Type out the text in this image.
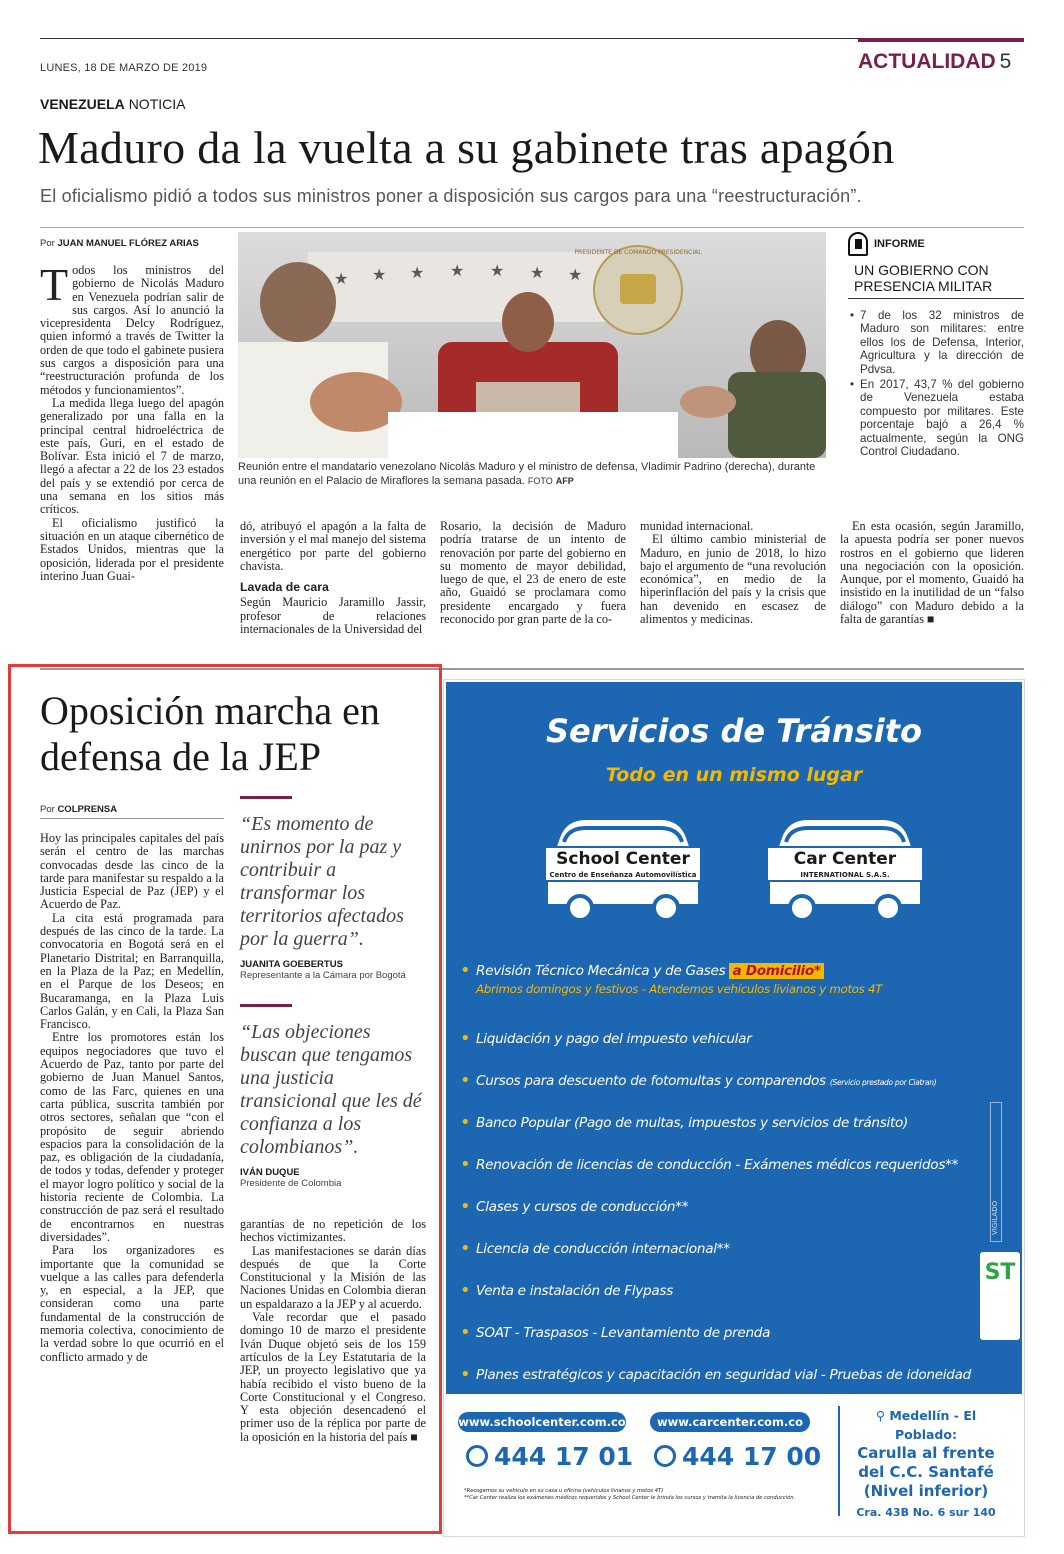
LUNES, 18 DE MARZO DE 2019	ACTUALIDAD 5
VENEZUELA NOTICIA
Maduro da la vuelta a su gabinete tras apagón
El oficialismo pidió a todos sus ministros poner a disposición sus cargos para una “reestructuración”.
Por JUAN MANUEL FLÓREZ ARIAS

Todos los ministros del gobierno de Nicolás Maduro en Venezuela podrían salir de sus cargos. Así lo anunció la vicepresidenta Delcy Rodríguez, quien informó a través de Twitter la orden de que todo el gabinete pusiera sus cargos a disposición para una “reestructuración profunda de los métodos y funcionamientos”.

La medida llega luego del apagón generalizado por una falla en la principal central hidroeléctrica de este país, Guri, en el estado de Bolívar. Esta inició el 7 de marzo, llegó a afectar a 22 de los 23 estados del país y se extendió por cerca de una semana en los sitios más críticos.

El oficialismo justificó la situación en un ataque cibernético de Estados Unidos, mientras que la oposición, liderada por el presidente interino Juan Guai-

★ ★ ★ ★ ★ ★ ★
PRESIDENTE DE COMANDO PRESIDENCIAL
Reunión entre el mandatario venezolano Nicolás Maduro y el ministro de defensa, Vladimir Padrino (derecha), durante una reunión en el Palacio de Miraflores la semana pasada. FOTO AFP

dó, atribuyó el apagón a la falta de inversión y el mal manejo del sistema energético por parte del gobierno chavista.

Lavada de cara

Según Mauricio Jaramillo Jassir, profesor de relaciones internacionales de la Universidad del

Rosario, la decisión de Maduro podría tratarse de un intento de renovación por parte del gobierno en su momento de mayor debilidad, luego de que, el 23 de enero de este año, Guaidó se proclamara como presidente encargado y fuera reconocido por gran parte de la co-

munidad internacional.

El último cambio ministerial de Maduro, en junio de 2018, lo hizo bajo el argumento de “una revolución económica”, en medio de la hiperinflación del país y la crisis que han devenido en escasez de alimentos y medicinas.

En esta ocasión, según Jaramillo, la apuesta podría ser poner nuevos rostros en el gobierno que lideren una negociación con la oposición. Aunque, por el momento, Guaidó ha insistido en la inutilidad de un “falso diálogo” con Maduro debido a la falta de garantías ■

INFORME
UN GOBIERNO CON PRESENCIA MILITAR
• 7 de los 32 ministros de Maduro son militares: entre ellos los de Defensa, Interior, Agricultura y la dirección de Pdvsa.
• En 2017, 43,7 % del gobierno de Venezuela estaba compuesto por militares. Este porcentaje bajó a 26,4 % actualmente, según la ONG Control Ciudadano.
Oposición marcha en defensa de la JEP
Por COLPRENSA

Hoy las principales capitales del país serán el centro de las marchas convocadas desde las cinco de la tarde para manifestar su respaldo a la Justicia Especial de Paz (JEP) y el Acuerdo de Paz.

La cita está programada para después de las cinco de la tarde. La convocatoria en Bogotá será en el Planetario Distrital; en Barranquilla, en la Plaza de la Paz; en Medellín, en el Parque de los Deseos; en Bucaramanga, en la Plaza Luis Carlos Galán, y en Cali, la Plaza San Francisco.

Entre los promotores están los equipos negociadores que tuvo el Acuerdo de Paz, tanto por parte del gobierno de Juan Manuel Santos, como de las Farc, quienes en una carta pública, suscrita también por otros sectores, señalan que “con el propósito de seguir abriendo espacios para la consolidación de la paz, es obligación de la ciudadanía, de todos y todas, defender y proteger el mayor logro político y social de la historia reciente de Colombia. La construcción de paz será el resultado de encontrarnos en nuestras diversidades”.

Para los organizadores es importante que la comunidad se vuelque a las calles para defenderla y, en especial, a la JEP, que consideran como una parte fundamental de la construcción de memoria colectiva, conocimiento de la verdad sobre lo que ocurrió en el conflicto armado y de

“Es momento de unirnos por la paz y contribuir a transformar los territorios afectados por la guerra”.
JUANITA GOEBERTUS
Representante a la Cámara por Bogotá
“Las objeciones buscan que tengamos una justicia transicional que les dé confianza a los colombianos”.
IVÁN DUQUE
Presidente de Colombia

garantías de no repetición de los hechos victimizantes.

Las manifestaciones se darán días después de que la Corte Constitucional y la Misión de las Naciones Unidas en Colombia dieran un espaldarazo a la JEP y al acuerdo.

Vale recordar que el pasado domingo 10 de marzo el presidente Iván Duque objetó seis de los 159 artículos de la Ley Estatutaria de la JEP, un proyecto legislativo que ya había recibido el visto bueno de la Corte Constitucional y el Congreso. Y esta objeción desencadenó el primer uso de la réplica por parte de la oposición en la historia del país ■

Servicios de Tránsito
Todo en un mismo lugar
School Center
Centro de Enseñanza Automovilística
Car Center
INTERNATIONAL S.A.S.
• Revisión Técnico Mecánica y de Gases a Domicilio*
Abrimos domingos y festivos - Atendemos vehículos livianos y motos 4T
• Liquidación y pago del impuesto vehicular
• Cursos para descuento de fotomultas y comparendos (Servicio prestado por Ciatran)
• Banco Popular (Pago de multas, impuestos y servicios de tránsito)
• Renovación de licencias de conducción - Exámenes médicos requeridos**
• Clases y cursos de conducción**
• Licencia de conducción internacional**
• Venta e instalación de Flypass
• SOAT - Traspasos - Levantamiento de prenda
• Planes estratégicos y capacitación en seguridad vial - Pruebas de idoneidad
VIGILADO
ST
www.schoolcenter.com.co	www.carcenter.com.co
444 17 01	444 17 00
*Recogemos su vehículo en su casa u oficina (vehículos livianos y motos 4T)
**Car Center realiza los exámenes médicos requeridos y School Center le brinda los cursos y tramita la licencia de conducción.
⚲ Medellín - El Poblado:
Carulla al frente
del C.C. Santafé
(Nivel inferior)
Cra. 43B No. 6 sur 140
